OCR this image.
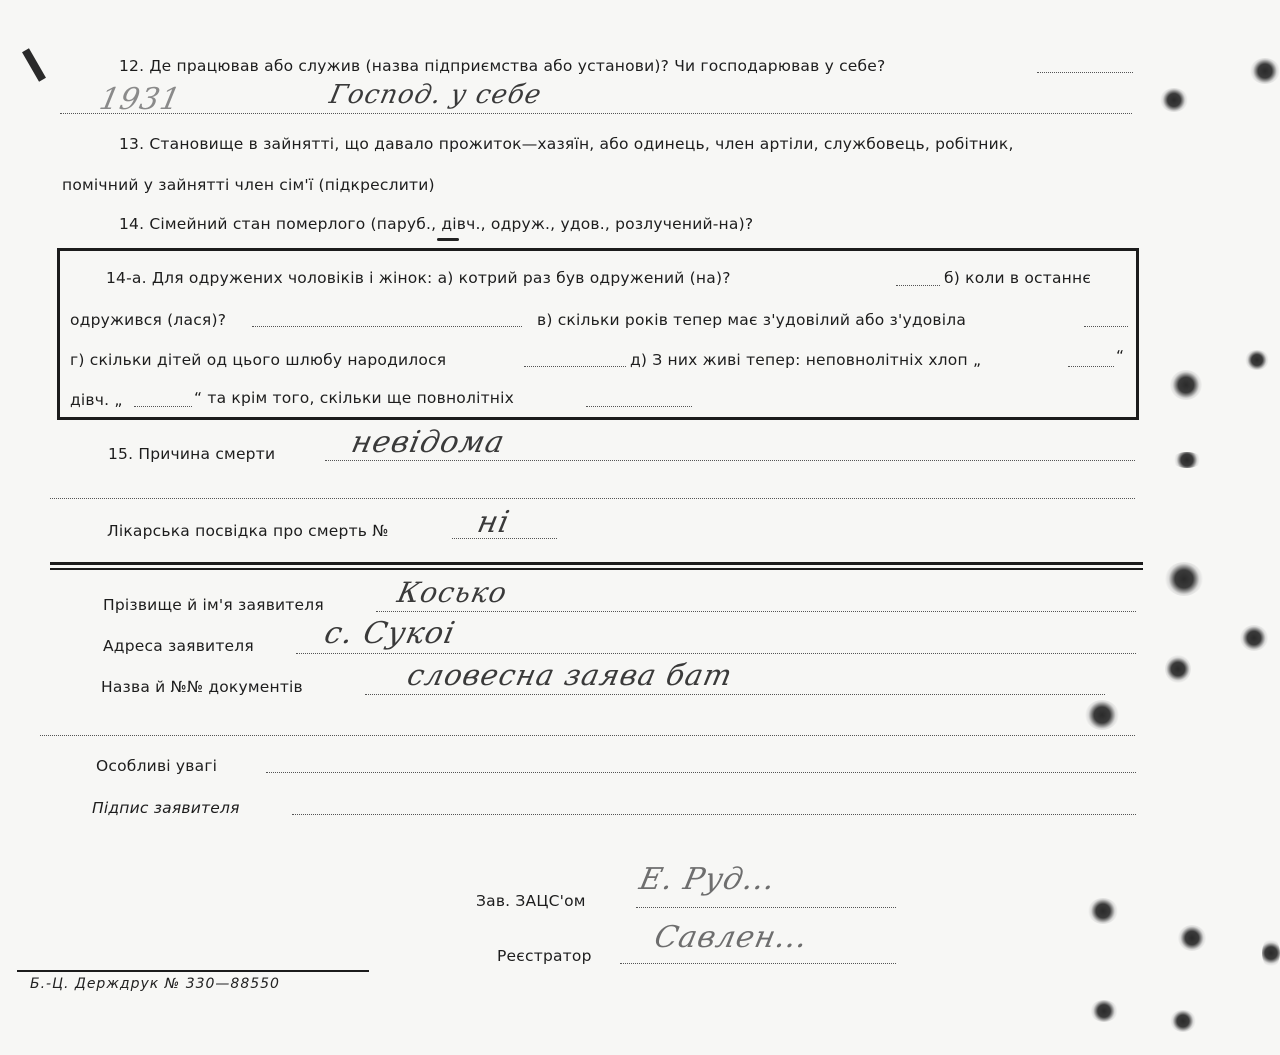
12. Де працював або служив (назва підприємства або установи)? Чи господарював у себе?
1931	Господ. у себе
13. Становище в зайнятті, що давало прожиток—хазяїн, або одинець, член артіли, службовець, робітник,
помічний у зайнятті член сім'ї (підкреслити)
14. Сімейний стан померлого (паруб., дівч., одруж., удов., розлучений-на)?
14-а. Для одружених чоловіків і жінок: а) котрий раз був одружений (на)?	б) коли в останнє
одружився (лася)?	в) скільки років тепер має з'удовілий або з'удовіла
г) скільки дітей од цього шлюбу народилося	д) З них живі тепер: неповнолітніх хлоп „	“
дівч. „	“ та крім того, скільки ще повнолітніх
15. Причина смерти невідома
Лікарська посвідка про смерть №	ні
Прізвище й ім'я заявителя	Косько
Адреса заявителя с. Сукоі
Назва й №№ документів	словесна заява бат
Особливі увагі
Підпис заявителя
Зав. ЗАЦС'ом
Е. Руд...
Реєстратор
Савлен...
Б.-Ц. Держдрук № 330—88550
